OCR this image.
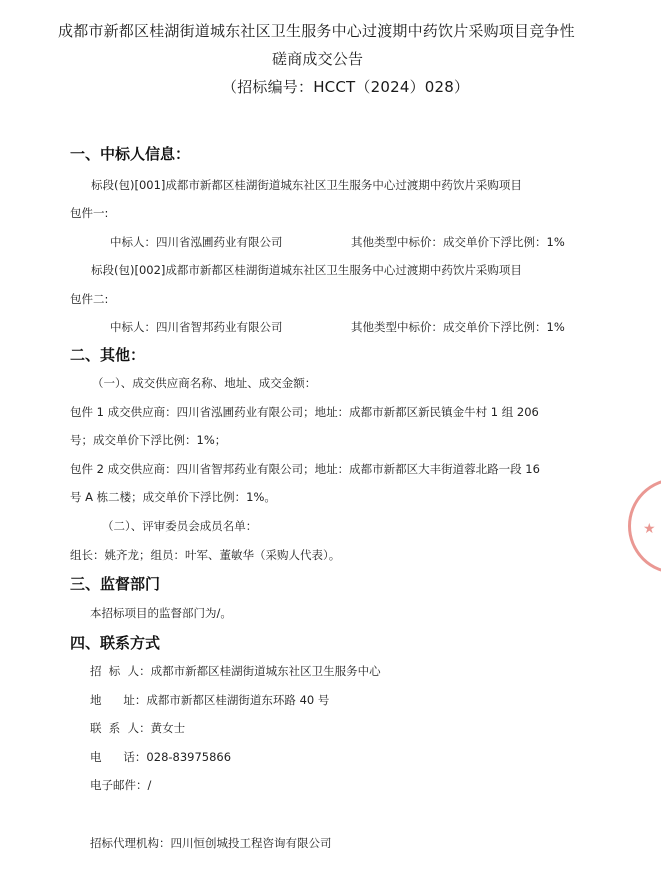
成都市新都区桂湖街道城东社区卫生服务中心过渡期中药饮片采购项目竞争性
磋商成交公告
（招标编号：HCCT（2024）028）
一、中标人信息：
标段(包)[001]成都市新都区桂湖街道城东社区卫生服务中心过渡期中药饮片采购项目
包件一:
中标人：四川省泓圃药业有限公司	其他类型中标价：成交单价下浮比例：1%
标段(包)[002]成都市新都区桂湖街道城东社区卫生服务中心过渡期中药饮片采购项目
包件二:
中标人：四川省智邦药业有限公司	其他类型中标价：成交单价下浮比例：1%
二、其他：
（一）、成交供应商名称、地址、成交金额：
包件 1 成交供应商：四川省泓圃药业有限公司；地址：成都市新都区新民镇金牛村 1 组 206
号；成交单价下浮比例：1%；
包件 2 成交供应商：四川省智邦药业有限公司；地址：成都市新都区大丰街道蓉北路一段 16
号 A 栋二楼；成交单价下浮比例：1%。
（二）、评审委员会成员名单：
组长：姚齐龙；组员：叶军、董敏华（采购人代表）。
三、监督部门
本招标项目的监督部门为/。
四、联系方式
招  标  人：成都市新都区桂湖街道城东社区卫生服务中心
地      址：成都市新都区桂湖街道东环路 40 号
联  系  人：黄女士
电      话：028-83975866
电子邮件：/
招标代理机构：四川恒创城投工程咨询有限公司
★
